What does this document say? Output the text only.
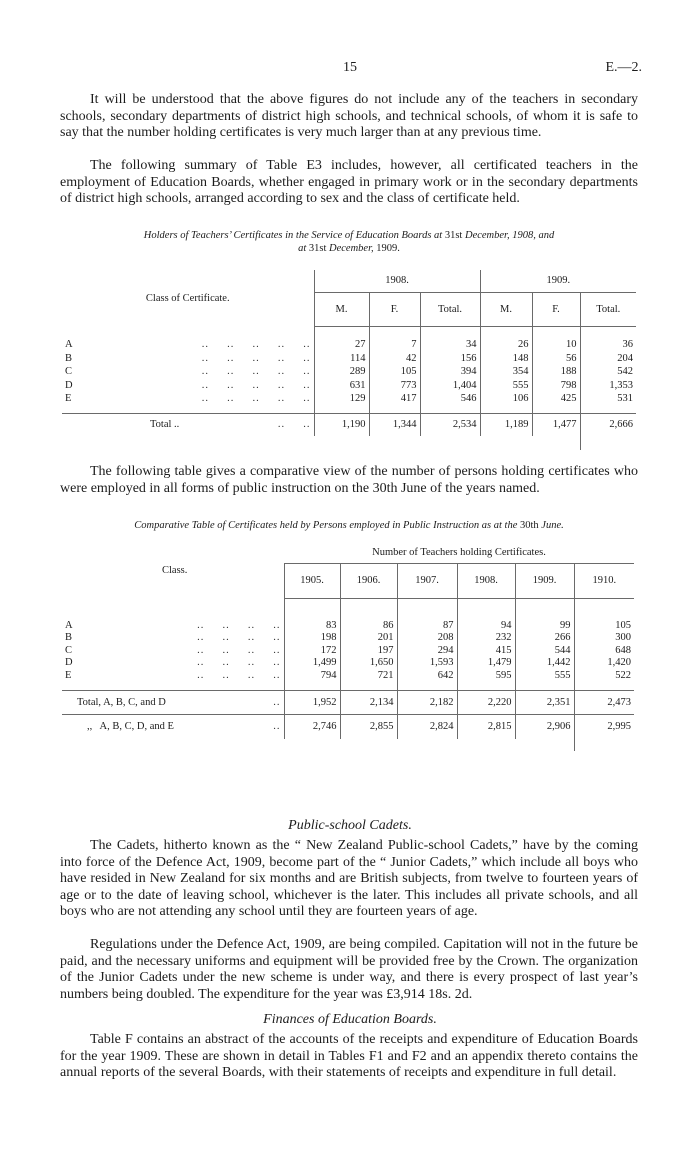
15	E.—2.

It will be understood that the above figures do not include any of the teachers in secondary schools, secondary departments of district high schools, and technical schools, of whom it is safe to say that the number holding certificates is very much larger than at any previous time.

The following summary of Table E3 includes, however, all certificated teachers in the employment of Education Boards, whether engaged in primary work or in the secondary departments of district high schools, arranged according to sex and the class of certificate held.

Holders of Teachers’ Certificates in the Service of Education Boards at 31st December, 1908, and
at 31st December, 1909.

Class of Certificate.	1908.			1909.		
	M.	F.	Total.	M.	F.	Total.

A ..     ..     ..     ..     ..	27	7	34	26	10	36
B ..     ..     ..     ..     ..	114	42	156	148	56	204
C ..     ..     ..     ..     ..	289	105	394	354	188	542
D ..     ..     ..     ..     ..	631	773	1,404	555	798	1,353
E ..     ..     ..     ..     ..	129	417	546	106	425	531

Total .. ..     ..	1,190	1,344	2,534	1,189	1,477	2,666

The following table gives a comparative view of the number of persons holding certificates who were employed in all forms of public instruction on the 30th June of the years named.

Comparative Table of Certificates held by Persons employed in Public Instruction as at the 30th June.

Class.	Number of Teachers holding Certificates.					
	1905.	1906.	1907.	1908.	1909.	1910.

A ..     ..     ..     ..	83	86	87	94	99	105
B ..     ..     ..     ..	198	201	208	232	266	300
C ..     ..     ..     ..	172	197	294	415	544	648
D ..     ..     ..     ..	1,499	1,650	1,593	1,479	1,442	1,420
E ..     ..     ..     ..	794	721	642	595	555	522

Total, A, B, C, and D ..	1,952	2,134	2,182	2,220	2,351	2,473
,,   A, B, C, D, and E ..	2,746	2,855	2,824	2,815	2,906	2,995

Public-school Cadets.

The Cadets, hitherto known as the “ New Zealand Public-school Cadets,” have by the coming into force of the Defence Act, 1909, become part of the “ Junior Cadets,” which include all boys who have resided in New Zealand for six months and are British subjects, from twelve to fourteen years of age or to the date of leaving school, whichever is the later. This includes all private schools, and all boys who are not attending any school until they are fourteen years of age.

Regulations under the Defence Act, 1909, are being compiled. Capitation will not in the future be paid, and the necessary uniforms and equipment will be provided free by the Crown. The organization of the Junior Cadets under the new scheme is under way, and there is every prospect of last year’s numbers being doubled. The expenditure for the year was £3,914 18s. 2d.

Finances of Education Boards.

Table F contains an abstract of the accounts of the receipts and expenditure of Education Boards for the year 1909. These are shown in detail in Tables F1 and F2 and an appendix thereto contains the annual reports of the several Boards, with their statements of receipts and expenditure in full detail.
